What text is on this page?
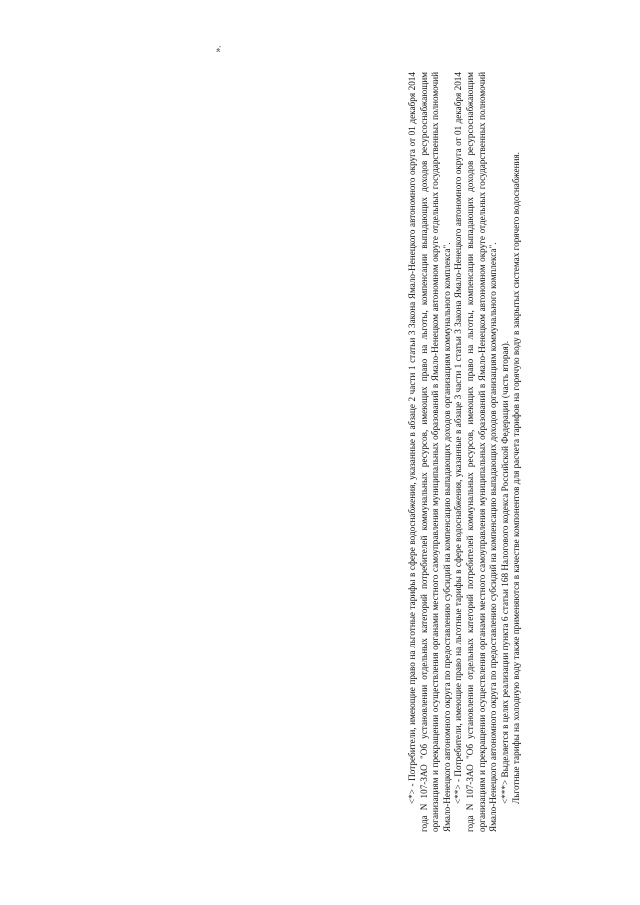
<*> - Потребители, имеющие право на льготные тарифы в сфере водоснабжения, указанные в абзаце 2 части 1 статьи 3 Закона Ямало-Ненецкого автономного округа от 01 декабря 2014 года N 107-ЗАО "Об установлении отдельных категорий потребителей коммунальных ресурсов, имеющих право на льготы, компенсации выпадающих доходов ресурсоснабжающим организациям и прекращении осуществления органами местного самоуправления муниципальных образований в Ямало-Ненецком автономном округе отдельных государственных полномочий Ямало-Ненецкого автономного округа по предоставлению субсидий на компенсацию выпадающих доходов организациям коммунального комплекса". <**> - Потребители, имеющие право на льготные тарифы в сфере водоснабжения, указанные в абзаце 3 части 1 статьи 3 Закона Ямало-Ненецкого автономного округа от 01 декабря 2014 года N 107-ЗАО "Об установлении отдельных категорий потребителей коммунальных ресурсов, имеющих право на льготы, компенсации выпадающих доходов ресурсоснабжающим организациям и прекращении осуществления органами местного самоуправления муниципальных образований в Ямало-Ненецком автономном округе отдельных государственных полномочий Ямало-Ненецкого автономного округа по предоставлению субсидий на компенсацию выпадающих доходов организациям коммунального комплекса". <***> Выделяется в целях реализации пункта 6 статьи 168 Налогового кодекса Российской Федерации (часть вторая). Льготные тарифы на холодную воду также применяются в качестве компонентов для расчета тарифов на горячую воду в закрытых системах горячего водоснабжения.

».
